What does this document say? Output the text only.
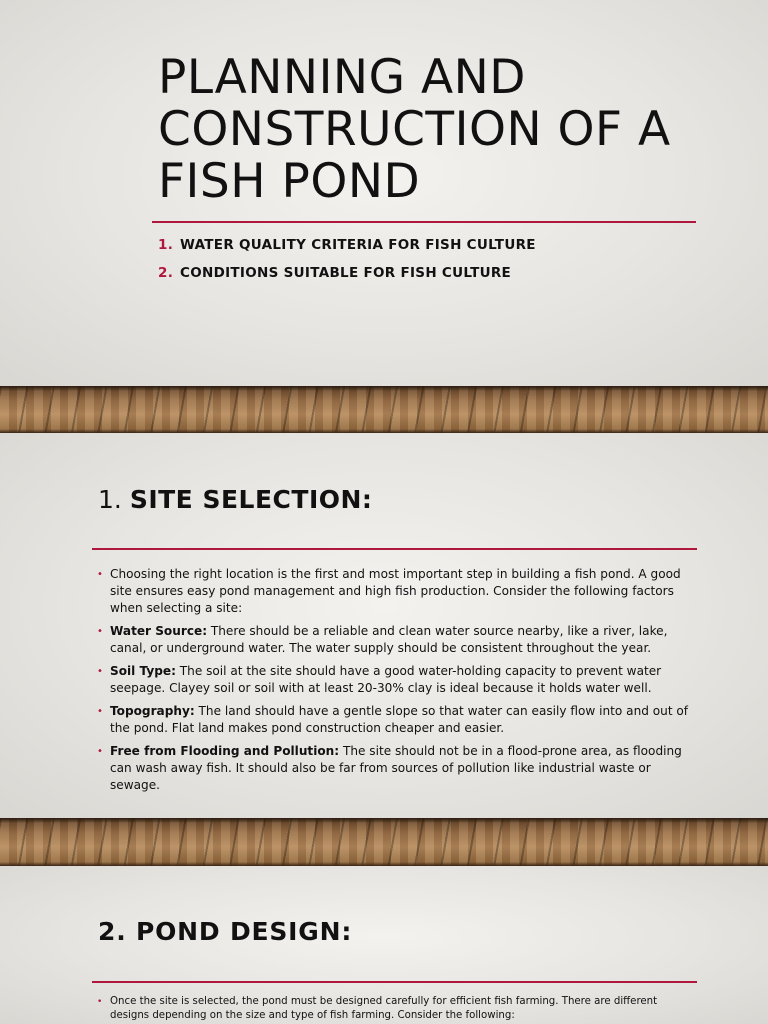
PLANNING AND
CONSTRUCTION OF A
FISH POND
1. WATER QUALITY CRITERIA FOR FISH CULTURE
2. CONDITIONS SUITABLE FOR FISH CULTURE
1. SITE SELECTION:
• Choosing the right location is the first and most important step in building a fish pond. A good site ensures easy pond management and high fish production. Consider the following factors when selecting a site:
• Water Source: There should be a reliable and clean water source nearby, like a river, lake, canal, or underground water. The water supply should be consistent throughout the year.
• Soil Type: The soil at the site should have a good water-holding capacity to prevent water seepage. Clayey soil or soil with at least 20-30% clay is ideal because it holds water well.
• Topography: The land should have a gentle slope so that water can easily flow into and out of the pond. Flat land makes pond construction cheaper and easier.
• Free from Flooding and Pollution: The site should not be in a flood-prone area, as flooding can wash away fish. It should also be far from sources of pollution like industrial waste or sewage.
2. POND DESIGN:
• Once the site is selected, the pond must be designed carefully for efficient fish farming. There are different designs depending on the size and type of fish farming. Consider the following:
